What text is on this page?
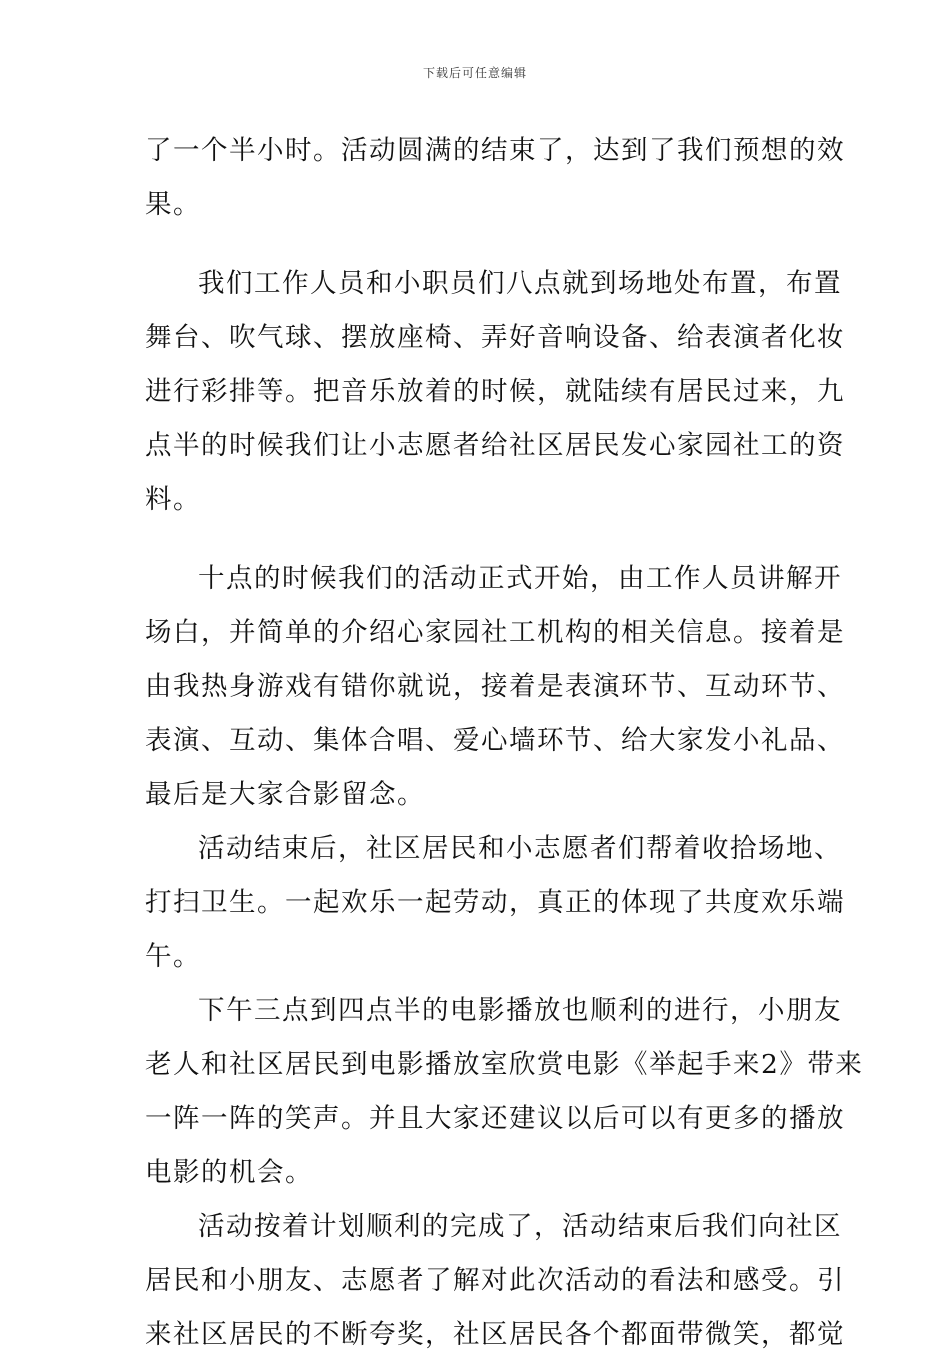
下载后可任意编辑
了一个半小时。活动圆满的结束了，达到了我们预想的效
果。
我们工作人员和小职员们八点就到场地处布置，布置
舞台、吹气球、摆放座椅、弄好音响设备、给表演者化妆
进行彩排等。把音乐放着的时候，就陆续有居民过来，九
点半的时候我们让小志愿者给社区居民发心家园社工的资
料。
十点的时候我们的活动正式开始，由工作人员讲解开
场白，并简单的介绍心家园社工机构的相关信息。接着是
由我热身游戏有错你就说，接着是表演环节、互动环节、
表演、互动、集体合唱、爱心墙环节、给大家发小礼品、
最后是大家合影留念。
活动结束后，社区居民和小志愿者们帮着收拾场地、
打扫卫生。一起欢乐一起劳动，真正的体现了共度欢乐端
午。
下午三点到四点半的电影播放也顺利的进行，小朋友
老人和社区居民到电影播放室欣赏电影《举起手来2》带来
一阵一阵的笑声。并且大家还建议以后可以有更多的播放
电影的机会。
活动按着计划顺利的完成了，活动结束后我们向社区
居民和小朋友、志愿者了解对此次活动的看法和感受。引
来社区居民的不断夸奖，社区居民各个都面带微笑，都觉
